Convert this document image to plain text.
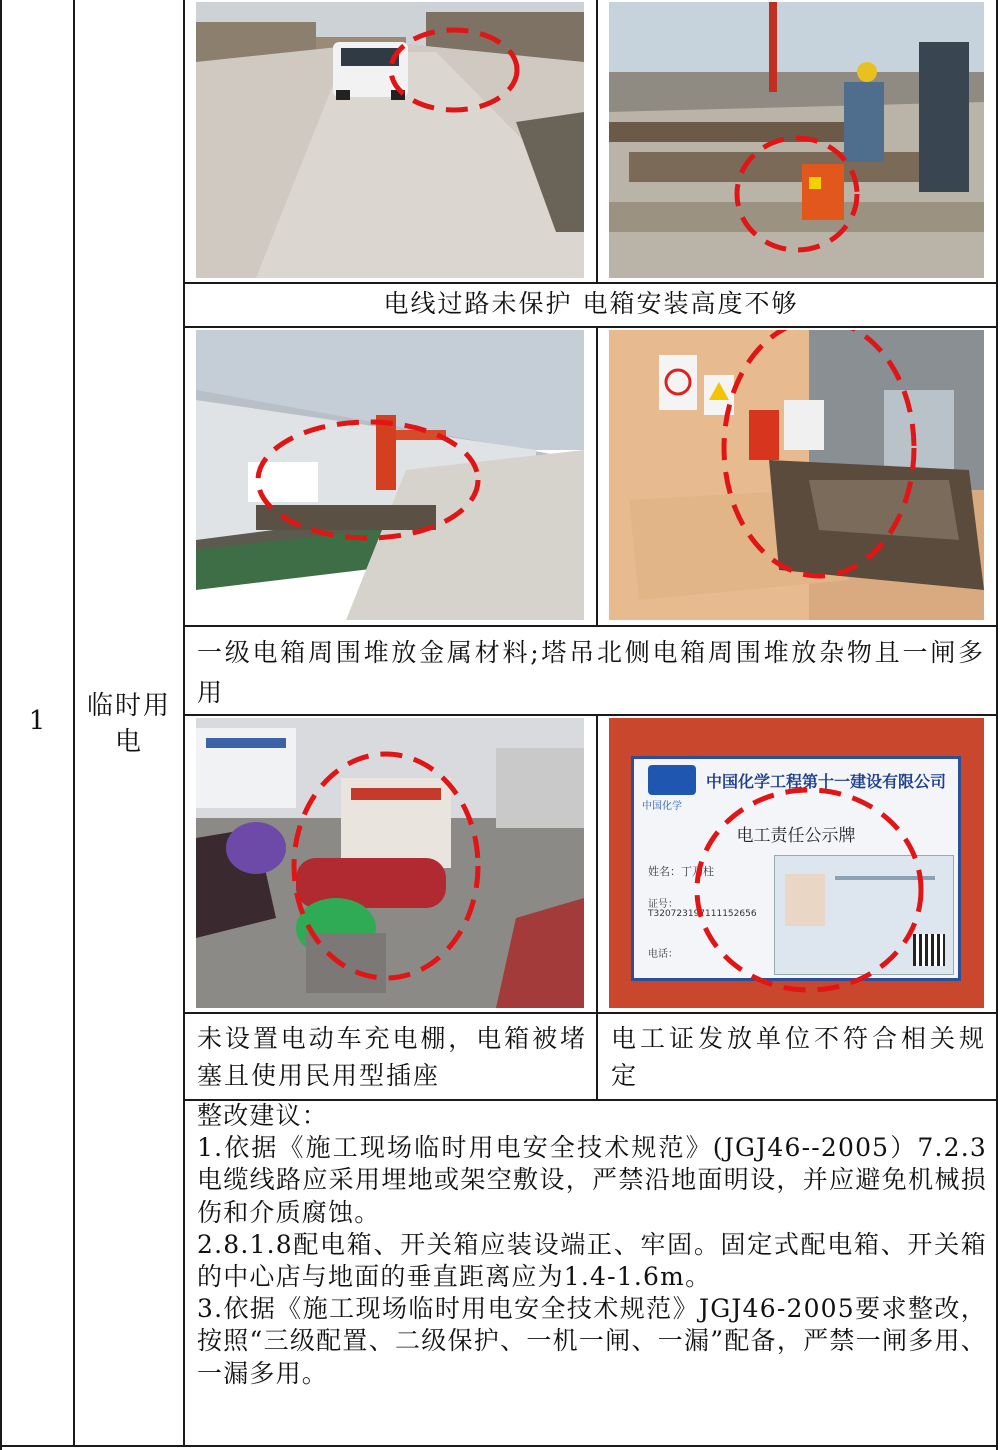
1	临时用电
电线过路未保护 电箱安装高度不够
一级电箱周围堆放金属材料;塔吊北侧电箱周围堆放杂物且一闸多用
中国化学
中国化学工程第十一建设有限公司
电工责任公示牌
姓名：丁乃柱
证号：
T320723197111152656
电话：
未设置电动车充电棚，电箱被堵塞且使用民用型插座
电工证发放单位不符合相关规定

整改建议：

1.依据《施工现场临时用电安全技术规范》(JGJ46--2005）7.2.3 电缆线路应采用埋地或架空敷设，严禁沿地面明设，并应避免机械损伤和介质腐蚀。

2.8.1.8配电箱、开关箱应装设端正、牢固。固定式配电箱、开关箱的中心店与地面的垂直距离应为1.4-1.6m。

3.依据《施工现场临时用电安全技术规范》JGJ46-2005要求整改，按照“三级配置、二级保护、一机一闸、一漏”配备，严禁一闸多用、一漏多用。
